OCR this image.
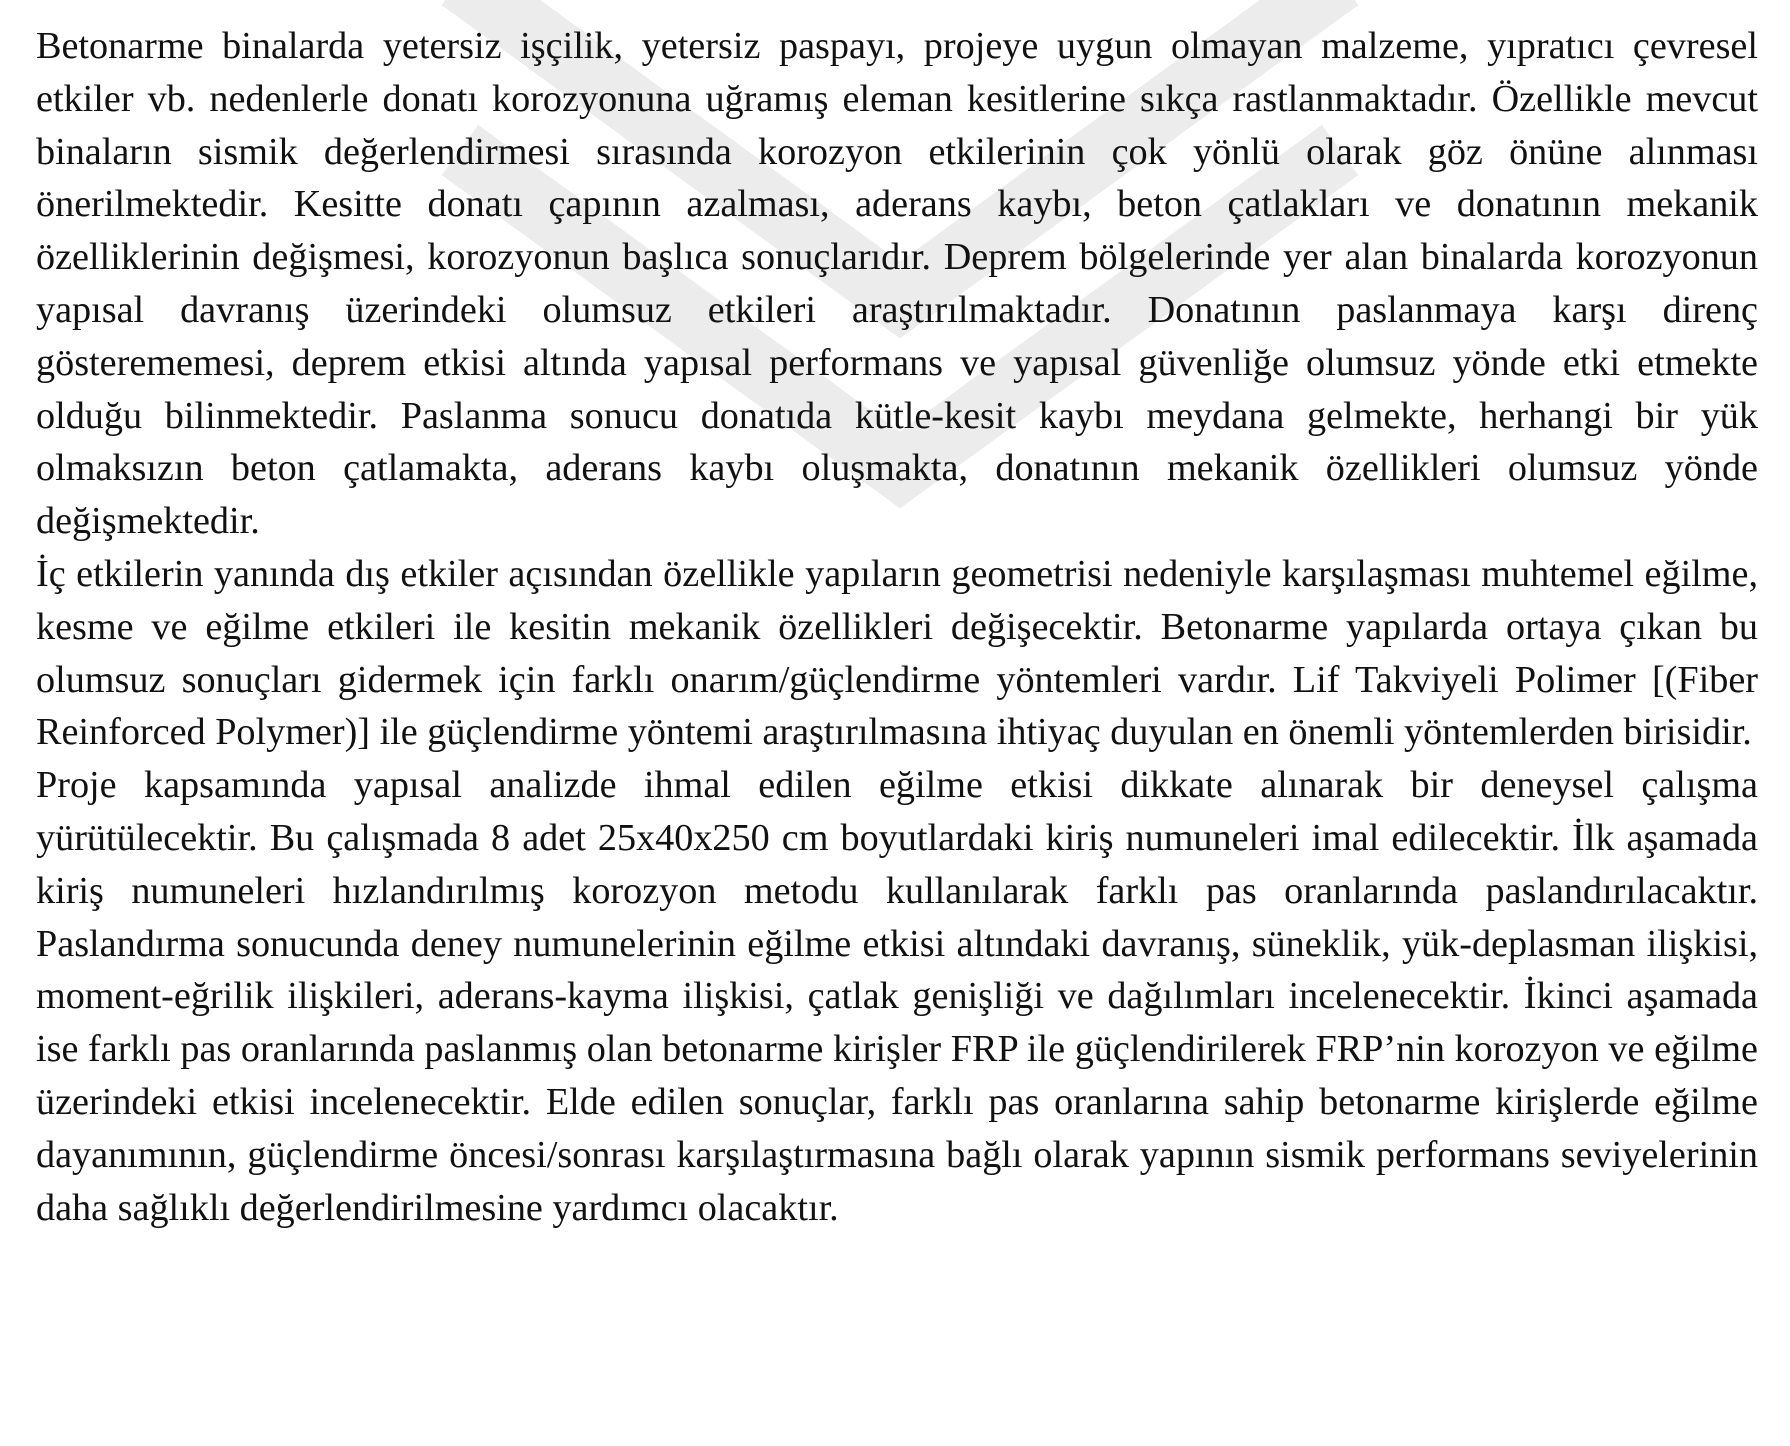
Betonarme binalarda yetersiz işçilik, yetersiz paspayı, projeye uygun olmayan malzeme, yıpratıcı çevresel etkiler vb. nedenlerle donatı korozyonuna uğramış eleman kesitlerine sıkça rastlanmaktadır. Özellikle mevcut binaların sismik değerlendirmesi sırasında korozyon etkilerinin çok yönlü olarak göz önüne alınması önerilmektedir. Kesitte donatı çapının azalması, aderans kaybı, beton çatlakları ve donatının mekanik özelliklerinin değişmesi, korozyonun başlıca sonuçlarıdır. Deprem bölgelerinde yer alan binalarda korozyonun yapısal davranış üzerindeki olumsuz etkileri araştırılmaktadır. Donatının paslanmaya karşı direnç gösterememesi, deprem etkisi altında yapısal performans ve yapısal güvenliğe olumsuz yönde etki etmekte olduğu bilinmektedir. Paslanma sonucu donatıda kütle-kesit kaybı meydana gelmekte, herhangi bir yük olmaksızın beton çatlamakta, aderans kaybı oluşmakta, donatının mekanik özellikleri olumsuz yönde değişmektedir.

İç etkilerin yanında dış etkiler açısından özellikle yapıların geometrisi nedeniyle karşılaşması muhtemel eğilme, kesme ve eğilme etkileri ile kesitin mekanik özellikleri değişecektir. Betonarme yapılarda ortaya çıkan bu olumsuz sonuçları gidermek için farklı onarım/güçlendirme yöntemleri vardır. Lif Takviyeli Polimer [(Fiber Reinforced Polymer)] ile güçlendirme yöntemi araştırılmasına ihtiyaç duyulan en önemli yöntemlerden birisidir.

Proje kapsamında yapısal analizde ihmal edilen eğilme etkisi dikkate alınarak bir deneysel çalışma yürütülecektir. Bu çalışmada 8 adet 25x40x250 cm boyutlardaki kiriş numuneleri imal edilecektir. İlk aşamada kiriş numuneleri hızlandırılmış korozyon metodu kullanılarak farklı pas oranlarında paslandırılacaktır. Paslandırma sonucunda deney numunelerinin eğilme etkisi altındaki davranış, süneklik, yük-deplasman ilişkisi, moment-eğrilik ilişkileri, aderans-kayma ilişkisi, çatlak genişliği ve dağılımları incelenecektir. İkinci aşamada ise farklı pas oranlarında paslanmış olan betonarme kirişler FRP ile güçlendirilerek FRP’nin korozyon ve eğilme üzerindeki etkisi incelenecektir. Elde edilen sonuçlar, farklı pas oranlarına sahip betonarme kirişlerde eğilme dayanımının, güçlendirme öncesi/sonrası karşılaştırmasına bağlı olarak yapının sismik performans seviyelerinin daha sağlıklı değerlendirilmesine yardımcı olacaktır.
